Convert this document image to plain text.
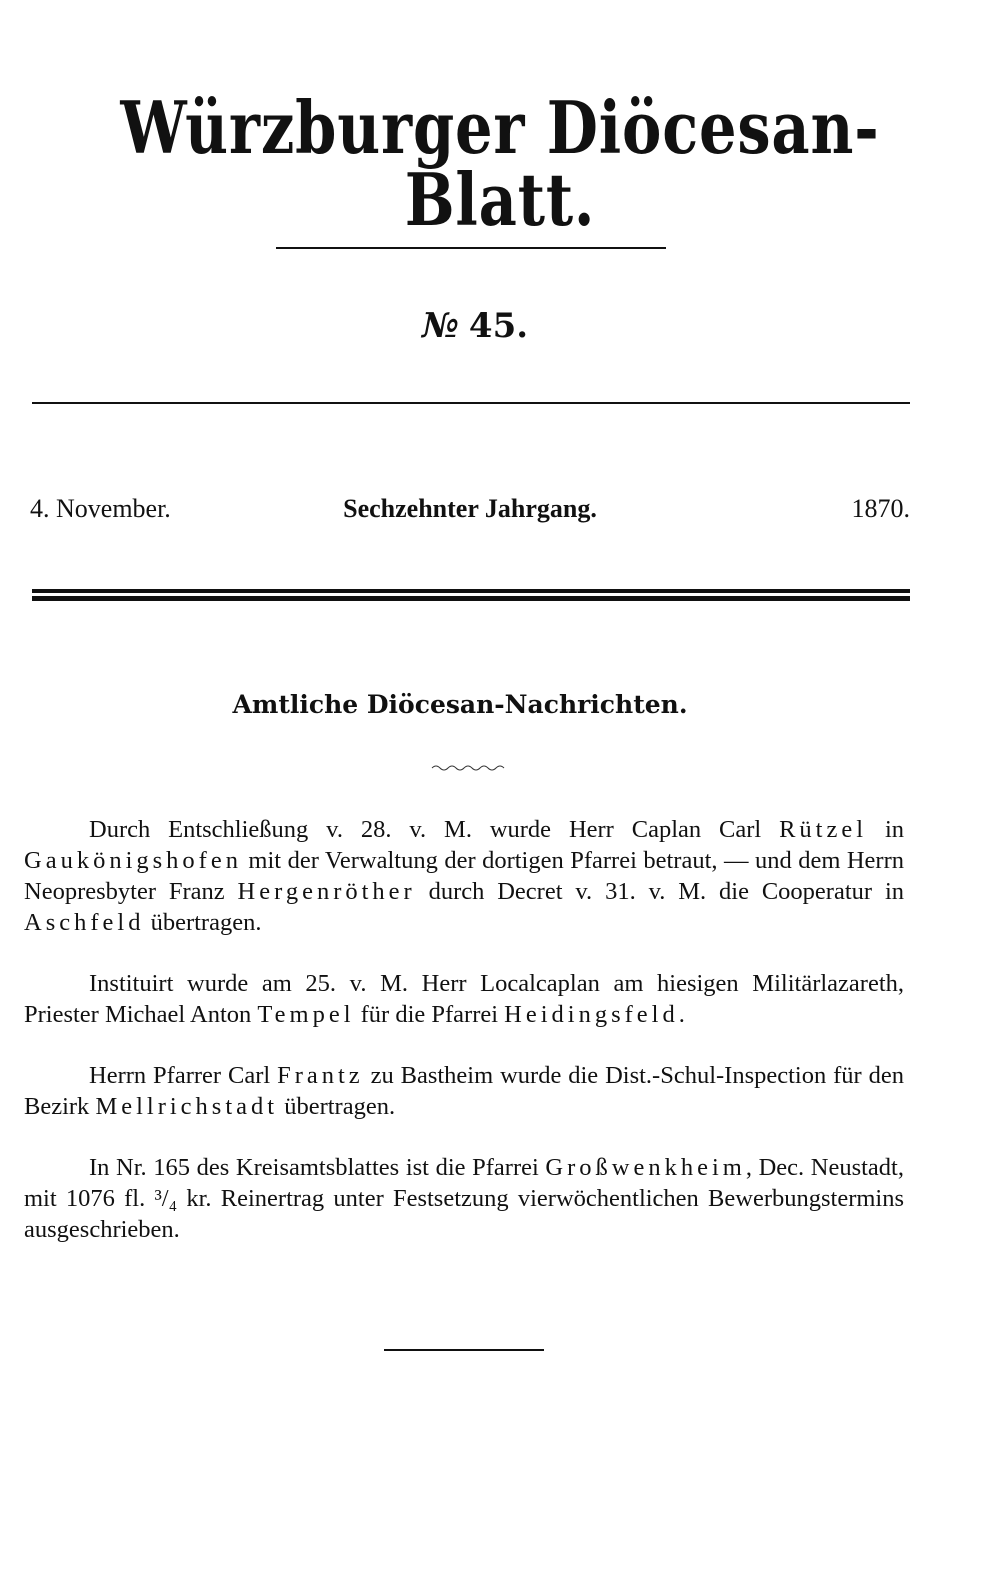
Würzburger Diöcesan-Blatt.
№ 45.
4. November.	Sechzehnter Jahrgang.	1870.
Amtliche Diöcesan-Nachrichten.

Durch Entschließung v. 28. v. M. wurde Herr Caplan Carl Rützel in Gaukönigshofen mit der Verwaltung der dortigen Pfarrei betraut, — und dem Herrn Neopresbyter Franz Hergenröther durch Decret v. 31. v. M. die Cooperatur in Aschfeld übertragen.

Instituirt wurde am 25. v. M. Herr Localcaplan am hiesigen Militärlazareth, Priester Michael Anton Tempel für die Pfarrei Heidingsfeld.

Herrn Pfarrer Carl Frantz zu Bastheim wurde die Dist.-Schul-Inspection für den Bezirk Mellrichstadt übertragen.

In Nr. 165 des Kreisamtsblattes ist die Pfarrei Großwenkheim, Dec. Neustadt, mit 1076 fl. ³/₄ kr. Reinertrag unter Festsetzung vierwöchentlichen Bewerbungstermins ausgeschrieben.
